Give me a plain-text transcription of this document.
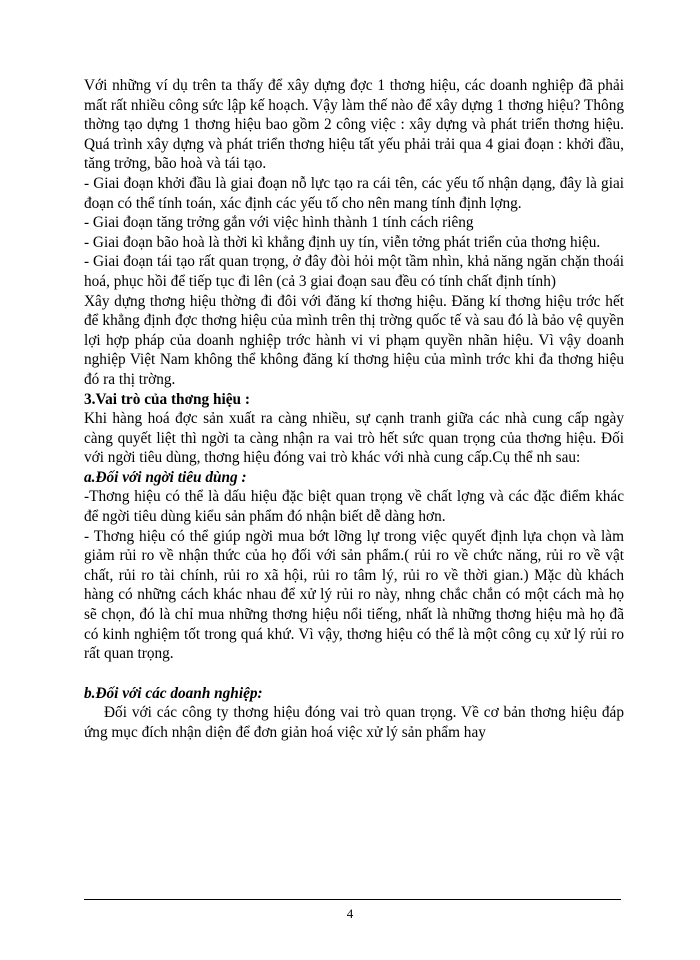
Với những ví dụ trên ta thấy để xây dựng đợc 1 thơng hiệu, các doanh nghiệp đã phải mất rất nhiều công sức lập kế hoạch. Vậy làm thế nào để xây dựng 1 thơng hiệu? Thông thờng tạo dựng 1 thơng hiệu bao gồm 2 công việc : xây dựng và phát triển thơng hiệu. Quá trình xây dựng và phát triển thơng hiệu tất yếu phải trải qua 4 giai đoạn : khởi đầu, tăng trởng, bão hoà và tái tạo.

- Giai đoạn khởi đầu là giai đoạn nỗ lực tạo ra cái tên, các yếu tố nhận dạng, đây là giai đoạn có thể tính toán, xác định các yếu tố cho nên mang tính định lợng.

- Giai đoạn tăng trởng gắn với việc hình thành 1 tính cách riêng

- Giai đoạn bão hoà là thời kì khẳng định uy tín, viễn tởng phát triển của thơng hiệu.

- Giai đoạn tái tạo rất quan trọng, ở đây đòi hỏi một tầm nhìn, khả năng ngăn chặn thoái hoá, phục hồi để tiếp tục đi lên (cả 3 giai đoạn sau đều có tính chất định tính)

Xây dựng thơng hiệu thờng đi đôi với đăng kí thơng hiệu. Đăng kí thơng hiệu trớc hết để khẳng định đợc thơng hiệu của mình trên thị trờng quốc tế và sau đó là bảo vệ quyền lợi hợp pháp của doanh nghiệp trớc hành vi vi phạm quyền nhãn hiệu. Vì vậy doanh nghiệp Việt Nam không thể không đăng kí thơng hiệu của mình trớc khi đa thơng hiệu đó ra thị trờng.

3.Vai trò của thơng hiệu :

Khi hàng hoá đợc sản xuất ra càng nhiều, sự cạnh tranh giữa các nhà cung cấp ngày càng quyết liệt thì ngời ta càng nhận ra vai trò hết sức quan trọng của thơng hiệu. Đối với ngời tiêu dùng, thơng hiệu đóng vai trò khác với nhà cung cấp.Cụ thể nh sau:

a.Đối với ngời tiêu dùng :

-Thơng hiệu có thể là dấu hiệu đặc biệt quan trọng về chất lợng và các đặc điểm khác để ngời tiêu dùng kiểu sản phẩm đó nhận biết dễ dàng hơn.

- Thơng hiệu có thể giúp ngời mua bớt lỡng lự trong việc quyết định lựa chọn và làm giảm rủi ro về nhận thức của họ đối với sản phẩm.( rủi ro về chức năng, rủi ro về vật chất, rủi ro tài chính, rủi ro xã hội, rủi ro tâm lý, rủi ro về thời gian.) Mặc dù khách hàng có những cách khác nhau để xử lý rủi ro này, nhng chắc chắn có một cách mà họ sẽ chọn, đó là chỉ mua những thơng hiệu nổi tiếng, nhất là những thơng hiệu mà họ đã có kinh nghiệm tốt trong quá khứ. Vì vậy, thơng hiệu có thể là một công cụ xử lý rủi ro rất quan trọng.

b.Đối với các doanh nghiệp:

Đối với các công ty thơng hiệu đóng vai trò quan trọng. Về cơ bản thơng hiệu đáp ứng mục đích nhận diện để đơn giản hoá việc xử lý sản phẩm hay

4
